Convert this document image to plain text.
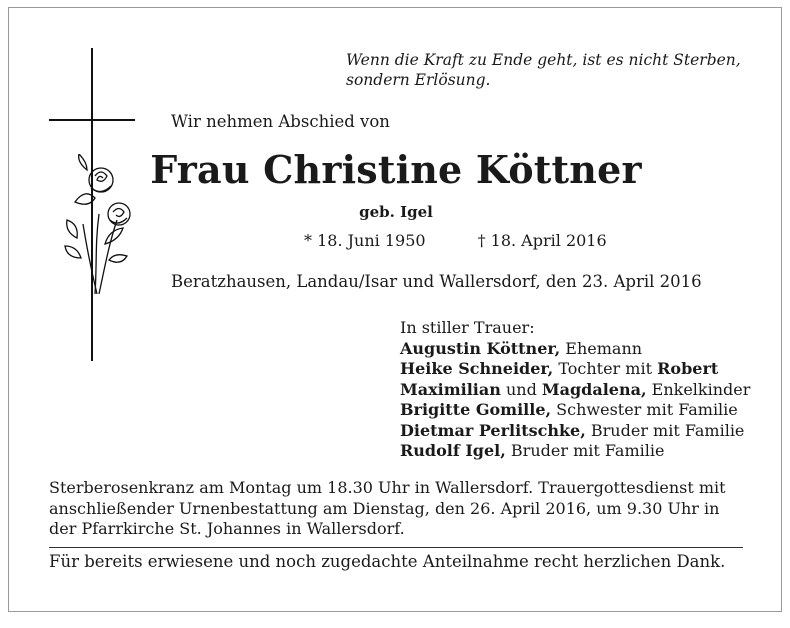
Wenn die Kraft zu Ende geht, ist es nicht Sterben,
sondern Erlösung.
Wir nehmen Abschied von
Frau Christine Köttner
geb. Igel
* 18. Juni 1950	† 18. April 2016
Beratzhausen, Landau/Isar und Wallersdorf, den 23. April 2016
In stiller Trauer:
Augustin Köttner, Ehemann
Heike Schneider, Tochter mit Robert
Maximilian und Magdalena, Enkelkinder
Brigitte Gomille, Schwester mit Familie
Dietmar Perlitschke, Bruder mit Familie
Rudolf Igel, Bruder mit Familie
Sterberosenkranz am Montag um 18.30 Uhr in Wallersdorf. Trauergottesdienst mit
anschließender Urnenbestattung am Dienstag, den 26. April 2016, um 9.30 Uhr in
der Pfarrkirche St. Johannes in Wallersdorf.
Für bereits erwiesene und noch zugedachte Anteilnahme recht herzlichen Dank.
